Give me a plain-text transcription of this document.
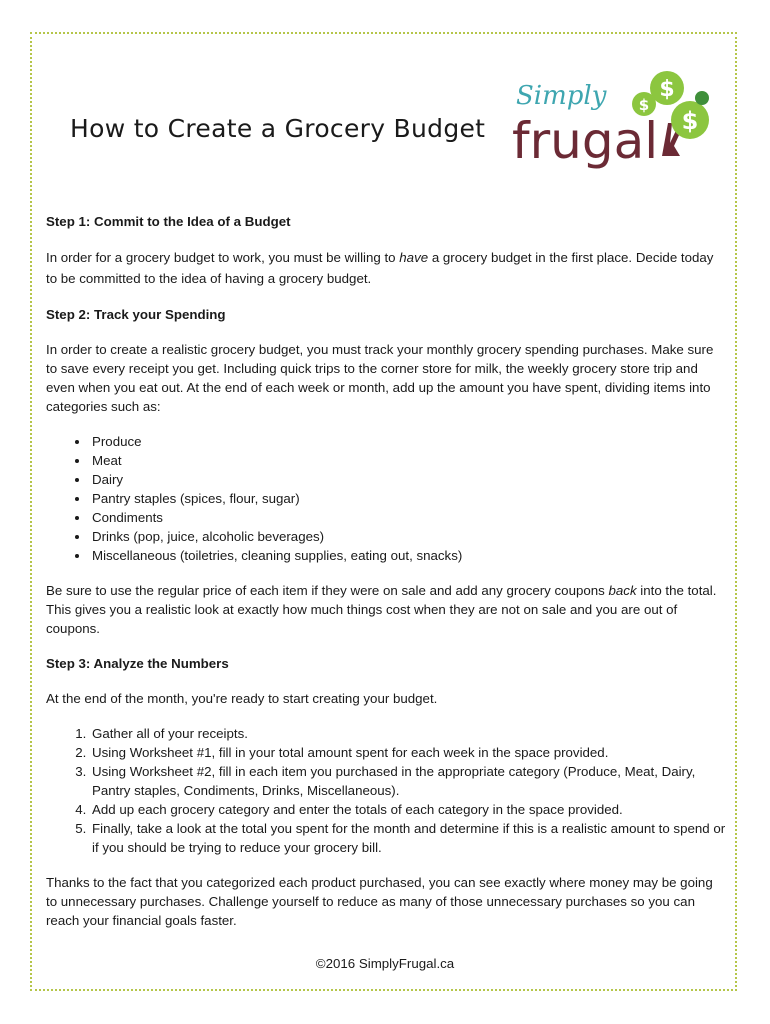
How to Create a Grocery Budget
$
$
$
Simply
frugal
Step 1: Commit to the Idea of a Budget

In order for a grocery budget to work, you must be willing to have a grocery budget in the first place. Decide today to be committed to the idea of having a grocery budget.

Step 2: Track your Spending

In order to create a realistic grocery budget, you must track your monthly grocery spending purchases. Make sure to save every receipt you get. Including quick trips to the corner store for milk, the weekly grocery store trip and even when you eat out. At the end of each week or month, add up the amount you have spent, dividing items into categories such as:

• Produce
• Meat
• Dairy
• Pantry staples (spices, flour, sugar)
• Condiments
• Drinks (pop, juice, alcoholic beverages)
• Miscellaneous (toiletries, cleaning supplies, eating out, snacks)

Be sure to use the regular price of each item if they were on sale and add any grocery coupons back into the total. This gives you a realistic look at exactly how much things cost when they are not on sale and you are out of coupons.

Step 3: Analyze the Numbers

At the end of the month, you're ready to start creating your budget.

1. Gather all of your receipts.
2. Using Worksheet #1, fill in your total amount spent for each week in the space provided.
3. Using Worksheet #2, fill in each item you purchased in the appropriate category (Produce, Meat, Dairy, Pantry staples, Condiments, Drinks, Miscellaneous).
4. Add up each grocery category and enter the totals of each category in the space provided.
5. Finally, take a look at the total you spent for the month and determine if this is a realistic amount to spend or if you should be trying to reduce your grocery bill.

Thanks to the fact that you categorized each product purchased, you can see exactly where money may be going to unnecessary purchases. Challenge yourself to reduce as many of those unnecessary purchases so you can reach your financial goals faster.

©2016 SimplyFrugal.ca
